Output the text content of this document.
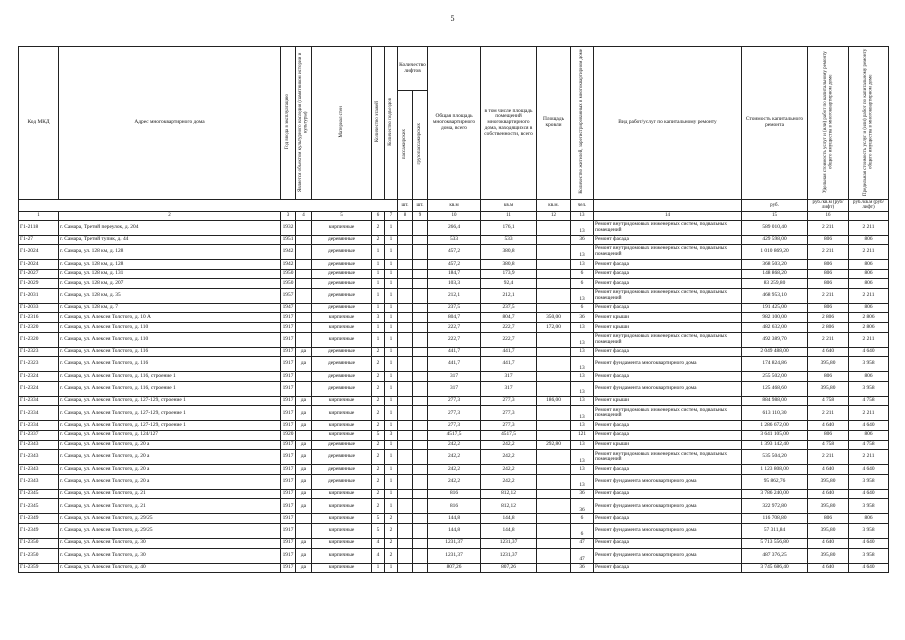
5
Код МКД	Адрес многоквартирного дома	Год ввода в эксплуатацию	Является объектом культурного наследия (памятником истории и культуры)	Материал стен	Количество этажей	Количество подъездов	Количество лифтов		Общая площадь многоквартирного дома, всего	в том числе площадь помещений многоквартирного дома, находящихся в собственности, всего	Площадь кровли	Количество жителей, зарегистрированных в многоквартирном доме	Вид работ/услуг по капитальному ремонту	Стоимость капитального ремонта	Удельная стоимость услуг и (или) работ по капитальному ремонту общего имущества в многоквартирном доме	Предельная стоимость услуг и (или) работ по капитальному ремонту общего имущества в многоквартирном доме
							пассажирских	грузопассажирских								
							шт.	шт.	кв.м	кв.м	кв.м.	чел.		руб.	руб./кв.м (руб/лифт)	руб./кв.м (руб/лифт)
1	2	3	4	5	6	7	8	9	10	11	12	13	14	15	16	
Г1-2118	г. Самара, Третий переулок, д. 204	1932		кирпичные	2	1			266,4	176,1		13	Ремонт внутридомовых инженерных систем, подвальных помещений	589 010,40	2 211	2 211
Г1-27	г. Самара, Третий тупик, д. 44	1951		деревянные	2	1			533	533		36	Ремонт фасада	429 598,00	806	806
Г1-2024	г. Самара, ул. 128 км, д. 128	1942		деревянные	1	1			457,2	380,8		13	Ремонт внутридомовых инженерных систем, подвальных помещений	1 010 869,20	2 211	2 211
Г1-2024	г. Самара, ул. 128 км, д. 128	1942		деревянные	1	1			457,2	380,8		13	Ремонт фасада	368 503,20	806	806
Г1-2027	г. Самара, ул. 128 км, д. 131	1950		деревянные	1	1			184,7	173,9		6	Ремонт фасада	148 868,20	806	806
Г1-2029	г. Самара, ул. 128 км, д. 207	1950		деревянные	1	1			103,3	92,4		6	Ремонт фасада	83 259,80	806	806
Г1-2031	г. Самара, ул. 128 км, д. 35	1957		деревянные	1	1			212,1	212,1		13	Ремонт внутридомовых инженерных систем, подвальных помещений	468 953,10	2 211	2 211
Г1-2033	г. Самара, ул. 128 км, д. 7	1947		деревянные	1	1			237,5	237,5		6	Ремонт фасада	191 425,00	806	806
Г1-2316	г. Самара, ул. Алексея Толстого, д. 10 А	1917		кирпичные	3	1			804,7	804,7	350,00	36	Ремонт крыши	982 100,00	2 806	2 806
Г1-2320	г. Самара, ул. Алексея Толстого, д. 110	1917		кирпичные	1	1			222,7	222,7	172,00	13	Ремонт крыши	482 632,00	2 806	2 806
Г1-2320	г. Самара, ул. Алексея Толстого, д. 110	1917		кирпичные	1	1			222,7	222,7		13	Ремонт внутридомовых инженерных систем, подвальных помещений	492 389,70	2 211	2 211
Г1-2323	г. Самара, ул. Алексея Толстого, д. 116	1917	да	деревянные	2	1			441,7	441,7		13	Ремонт фасада	2 049 488,00	4 640	4 640
Г1-2323	г. Самара, ул. Алексея Толстого, д. 116	1917	да	деревянные	2	1			441,7	441,7		13	Ремонт фундамента многоквартирного дома	174 824,86	395,80	3 958
Г1-2324	г. Самара, ул. Алексея Толстого, д. 116, строение 1	1917		деревянные	2	1			317	317		13	Ремонт фасада	255 502,00	806	806
Г1-2324	г. Самара, ул. Алексея Толстого, д. 116, строение 1	1917		деревянные	2	1			317	317		13	Ремонт фундамента многоквартирного дома	125 468,60	395,80	3 958
Г1-2334	г. Самара, ул. Алексея Толстого, д. 127-129, строение 1	1917	да	кирпичные	2	1			277,3	277,3	186,00	13	Ремонт крыши	884 988,00	4 758	4 758
Г1-2334	г. Самара, ул. Алексея Толстого, д. 127-129, строение 1	1917	да	кирпичные	2	1			277,3	277,3		13	Ремонт внутридомовых инженерных систем, подвальных помещений	613 110,30	2 211	2 211
Г1-2334	г. Самара, ул. Алексея Толстого, д. 127-129, строение 1	1917	да	кирпичные	2	1			277,3	277,3		13	Ремонт фасада	1 286 672,00	4 640	4 640
Г1-2337	г. Самара, ул. Алексея Толстого, д. 124/127	1920		кирпичные	5	3			4517,5	4517,5		121	Ремонт фасада	3 641 105,00	806	806
Г1-2343	г. Самара, ул. Алексея Толстого, д. 20 а	1917	да	деревянные	2	1			242,2	242,2	292,80	13	Ремонт крыши	1 393 142,40	4 758	4 758
Г1-2343	г. Самара, ул. Алексея Толстого, д. 20 а	1917	да	деревянные	2	1			242,2	242,2		13	Ремонт внутридомовых инженерных систем, подвальных помещений	535 504,20	2 211	2 211
Г1-2343	г. Самара, ул. Алексея Толстого, д. 20 а	1917	да	деревянные	2	1			242,2	242,2		13	Ремонт фасада	1 123 808,00	4 640	4 640
Г1-2343	г. Самара, ул. Алексея Толстого, д. 20 а	1917	да	деревянные	2	1			242,2	242,2		13	Ремонт фундамента многоквартирного дома	95 862,76	395,80	3 958
Г1-2345	г. Самара, ул. Алексея Толстого, д. 21	1917	да	кирпичные	2	1			816	812,12		36	Ремонт фасада	3 786 240,00	4 640	4 640
Г1-2345	г. Самара, ул. Алексея Толстого, д. 21	1917	да	кирпичные	2	1			816	812,12		36	Ремонт фундамента многоквартирного дома	322 972,80	395,80	3 958
Г1-2349	г. Самара, ул. Алексея Толстого, д. 29/25	1917		кирпичные	5	2			144,8	144,8		6	Ремонт фасада	116 708,80	806	806
Г1-2349	г. Самара, ул. Алексея Толстого, д. 29/25	1917		кирпичные	5	2			144,8	144,8		6	Ремонт фундамента многоквартирного дома	57 311,84	395,80	3 958
Г1-2350	г. Самара, ул. Алексея Толстого, д. 30	1917	да	кирпичные	4	2			1231,37	1231,37		47	Ремонт фасада	5 713 556,80	4 640	4 640
Г1-2350	г. Самара, ул. Алексея Толстого, д. 30	1917	да	кирпичные	4	2			1231,37	1231,37		47	Ремонт фундамента многоквартирного дома	487 376,25	395,80	3 958
Г1-2359	г. Самара, ул. Алексея Толстого, д. 40	1917	да	кирпичные	1	1			807,26	807,26		36	Ремонт фасада	3 745 686,40	4 640	4 640
